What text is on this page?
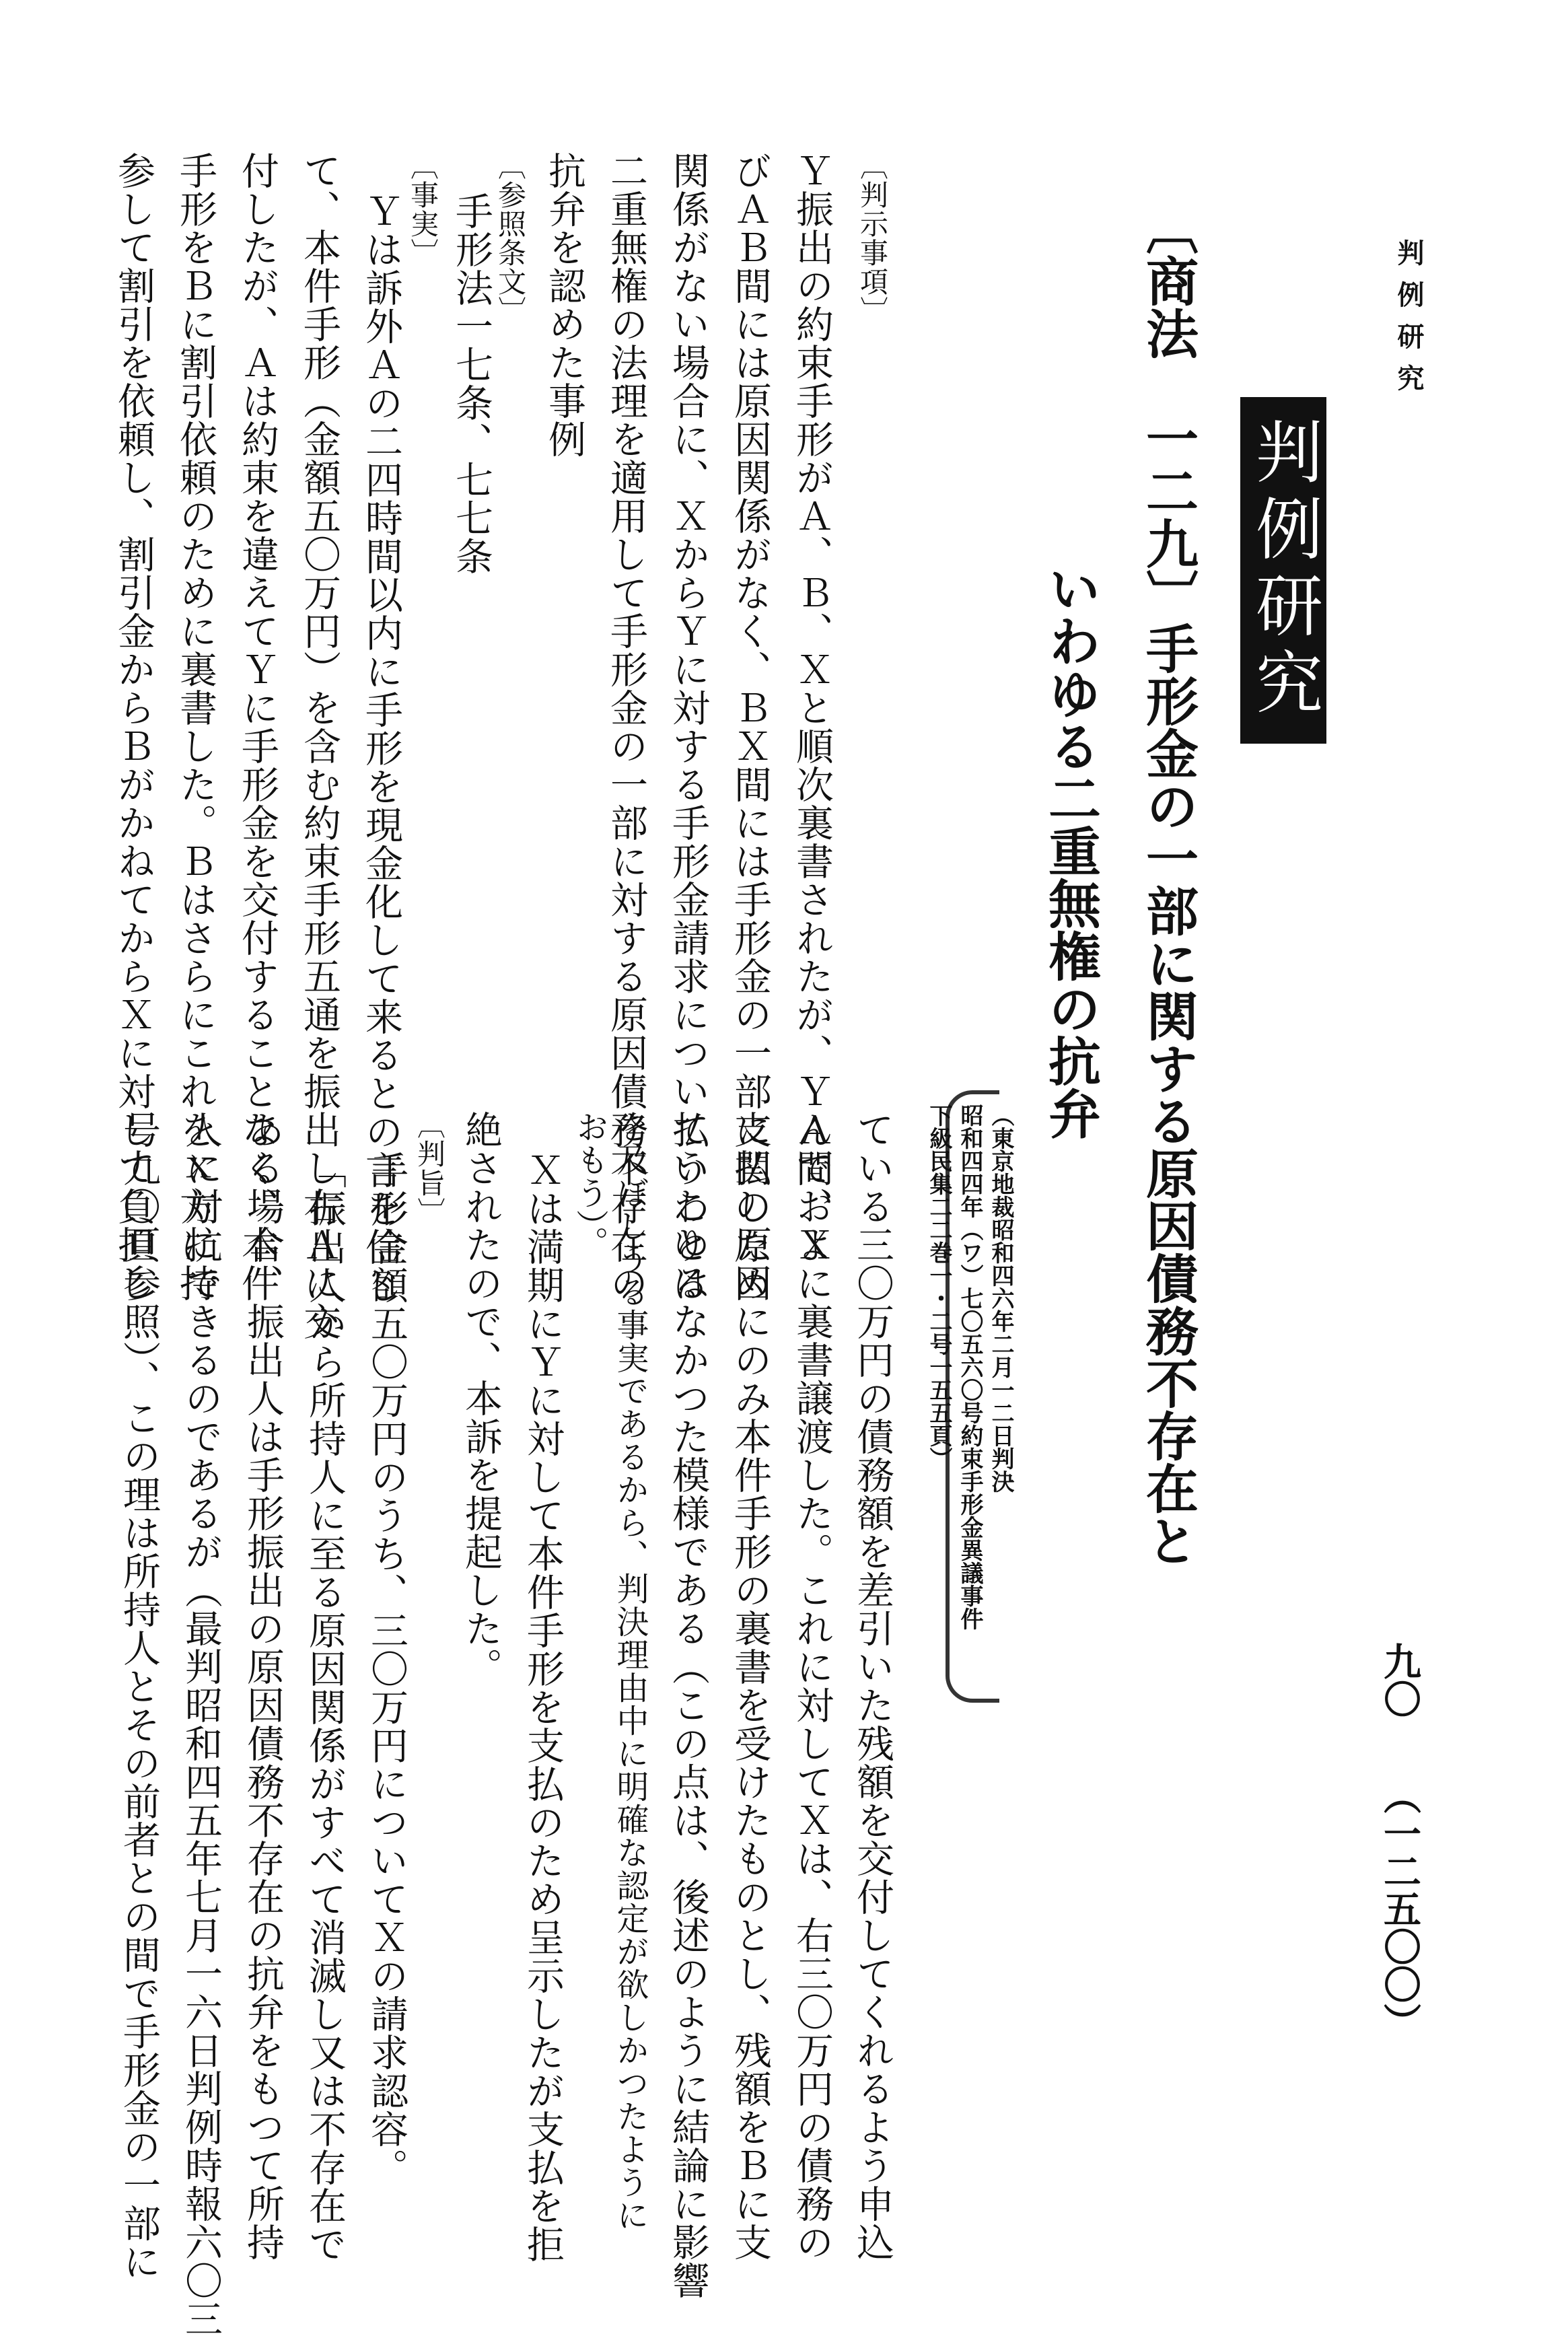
判例研究
判例研究
〔商法　一二九〕手形金の一部に関する原因債務不存在と
いわゆる二重無権の抗弁
（東京地裁昭和四六年二月一二日判決
昭和四四年（ワ）七〇五六〇号約束手形金異議事件
下級民集二二巻一・二号一五五頁）
〔判示事項〕
Ｙ振出の約束手形がＡ、Ｂ、Ｘと順次裏書されたが、ＹＡ間およ
びＡＢ間には原因関係がなく、ＢＸ間には手形金の一部に関し原因
関係がない場合に、ＸからＹに対する手形金請求についていわゆる
二重無権の法理を適用して手形金の一部に対する原因債務不存在の
抗弁を認めた事例
〔参照条文〕
手形法一七条、七七条
〔事実〕
Ｙは訴外Ａの二四時間以内に手形を現金化して来るとの言を信じ
て、本件手形（金額五〇万円）を含む約束手形五通を振出し右Ａに交
付したが、Ａは約束を違えてＹに手形金を交付することなく、本件
手形をＢに割引依頼のために裏書した。Ｂはさらにこれをｘ方に持
参して割引を依頼し、割引金からＢがかねてからＸに対して負担し
ている三〇万円の債務額を差引いた残額を交付してくれるよう申込
んで、Ｘに裏書譲渡した。これに対してＸは、右三〇万円の債務の
支払のためにのみ本件手形の裏書を受けたものとし、残額をＢに支
払うことはなかつた模様である（この点は、後述のように結論に影響
を及ぼしうる事実であるから、判決理由中に明確な認定が欲しかつたように
おもう）。
Ｘは満期にＹに対して本件手形を支払のため呈示したが支払を拒
絶されたので、本訴を提起した。
〔判旨〕
手形金額五〇万円のうち、三〇万円についてＸの請求認容。
「振出人から所持人に至る原因関係がすべて消滅し又は不存在で
ある場合、振出人は手形振出の原因債務不存在の抗弁をもつて所持
人に対抗できるのであるが（最判昭和四五年七月一六日判例時報六〇三
号九〇頁参照）、この理は所持人とその前者との間で手形金の一部に	九〇
（一二五〇〇）
